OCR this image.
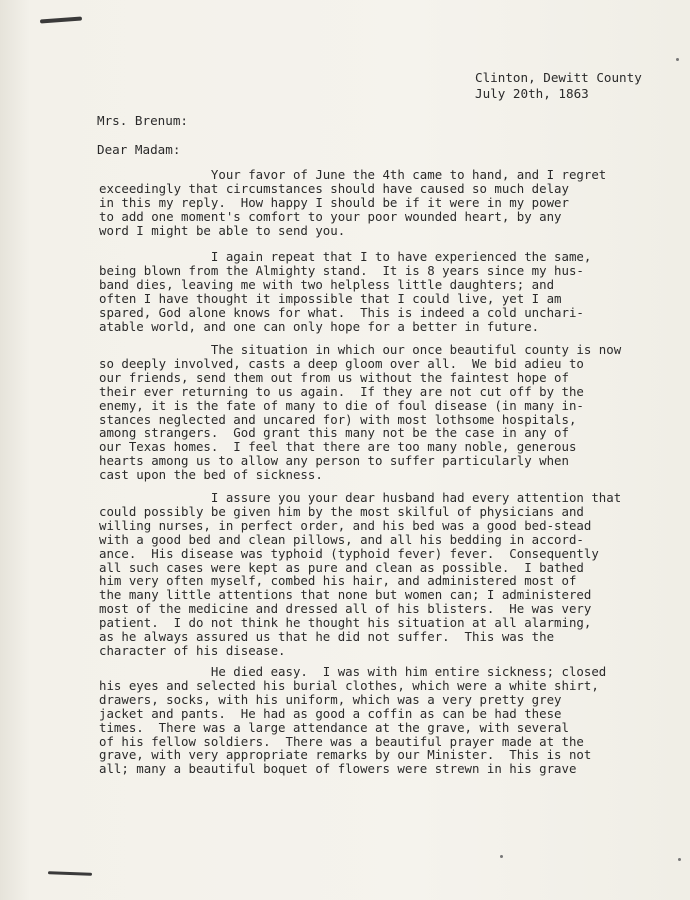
Clinton, Dewitt County
July 20th, 1863
Mrs. Brenum:
Dear Madam:
Your favor of June the 4th came to hand, and I regret
exceedingly that circumstances should have caused so much delay
in this my reply.  How happy I should be if it were in my power
to add one moment's comfort to your poor wounded heart, by any
word I might be able to send you.
I again repeat that I to have experienced the same,
being blown from the Almighty stand.  It is 8 years since my hus-
band dies, leaving me with two helpless little daughters; and
often I have thought it impossible that I could live, yet I am
spared, God alone knows for what.  This is indeed a cold unchari-
atable world, and one can only hope for a better in future.
The situation in which our once beautiful county is now
so deeply involved, casts a deep gloom over all.  We bid adieu to
our friends, send them out from us without the faintest hope of
their ever returning to us again.  If they are not cut off by the
enemy, it is the fate of many to die of foul disease (in many in-
stances neglected and uncared for) with most lothsome hospitals,
among strangers.  God grant this many not be the case in any of
our Texas homes.  I feel that there are too many noble, generous
hearts among us to allow any person to suffer particularly when
cast upon the bed of sickness.
I assure you your dear husband had every attention that
could possibly be given him by the most skilful of physicians and
willing nurses, in perfect order, and his bed was a good bed-stead
with a good bed and clean pillows, and all his bedding in accord-
ance.  His disease was typhoid (typhoid fever) fever.  Consequently
all such cases were kept as pure and clean as possible.  I bathed
him very often myself, combed his hair, and administered most of
the many little attentions that none but women can; I administered
most of the medicine and dressed all of his blisters.  He was very
patient.  I do not think he thought his situation at all alarming,
as he always assured us that he did not suffer.  This was the
character of his disease.
He died easy.  I was with him entire sickness; closed
his eyes and selected his burial clothes, which were a white shirt,
drawers, socks, with his uniform, which was a very pretty grey
jacket and pants.  He had as good a coffin as can be had these
times.  There was a large attendance at the grave, with several
of his fellow soldiers.  There was a beautiful prayer made at the
grave, with very appropriate remarks by our Minister.  This is not
all; many a beautiful boquet of flowers were strewn in his grave
